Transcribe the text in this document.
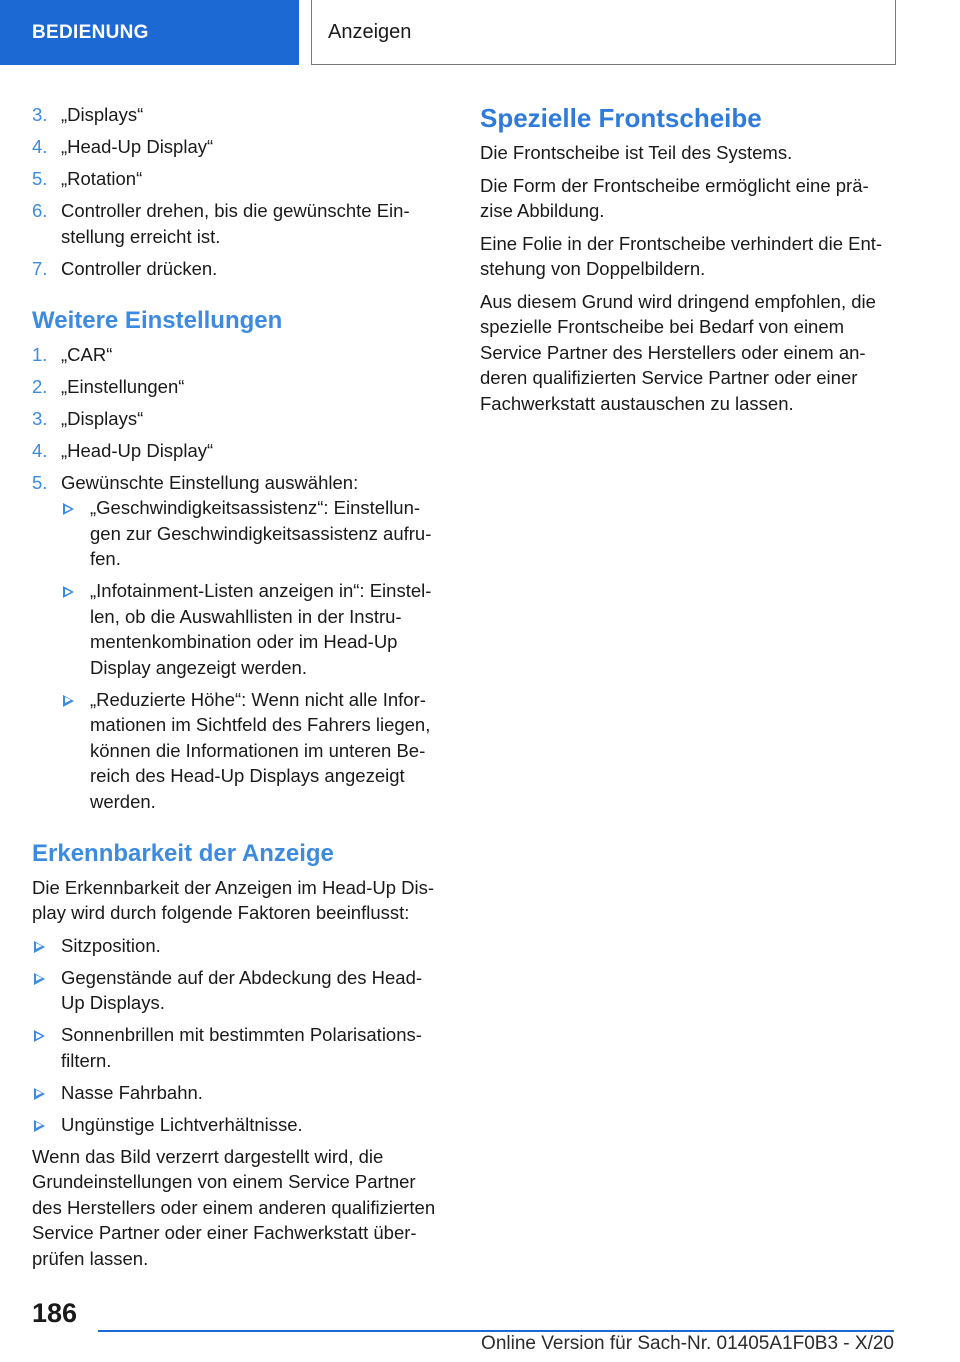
BEDIENUNG	Anzeigen
3. „Displays“
4. „Head-Up Display“
5. „Rotation“
6. Controller drehen, bis die gewünschte Ein- stellung erreicht ist.
7. Controller drücken.
Weitere Einstellungen
1. „CAR“
2. „Einstellungen“
3. „Displays“
4. „Head-Up Display“
5. Gewünschte Einstellung auswählen:
„Geschwindigkeitsassistenz“: Einstellun- gen zur Geschwindigkeitsassistenz aufru- fen.
„Infotainment-Listen anzeigen in“: Einstel- len, ob die Auswahllisten in der Instru- mentenkombination oder im Head-Up Display angezeigt werden.
„Reduzierte Höhe“: Wenn nicht alle Infor- mationen im Sichtfeld des Fahrers liegen, können die Informationen im unteren Be- reich des Head-Up Displays angezeigt werden.
Erkennbarkeit der Anzeige

Die Erkennbarkeit der Anzeigen im Head-Up Dis- play wird durch folgende Faktoren beeinflusst:

Sitzposition.
Gegenstände auf der Abdeckung des Head- Up Displays.
Sonnenbrillen mit bestimmten Polarisations- filtern.
Nasse Fahrbahn.
Ungünstige Lichtverhältnisse.

Wenn das Bild verzerrt dargestellt wird, die Grundeinstellungen von einem Service Partner des Herstellers oder einem anderen qualifizierten Service Partner oder einer Fachwerkstatt über- prüfen lassen.

Spezielle Frontscheibe

Die Frontscheibe ist Teil des Systems.

Die Form der Frontscheibe ermöglicht eine prä- zise Abbildung.

Eine Folie in der Frontscheibe verhindert die Ent- stehung von Doppelbildern.

Aus diesem Grund wird dringend empfohlen, die spezielle Frontscheibe bei Bedarf von einem Service Partner des Herstellers oder einem an- deren qualifizierten Service Partner oder einer Fachwerkstatt austauschen zu lassen.

186
Online Version für Sach-Nr. 01405A1F0B3 - X/20
